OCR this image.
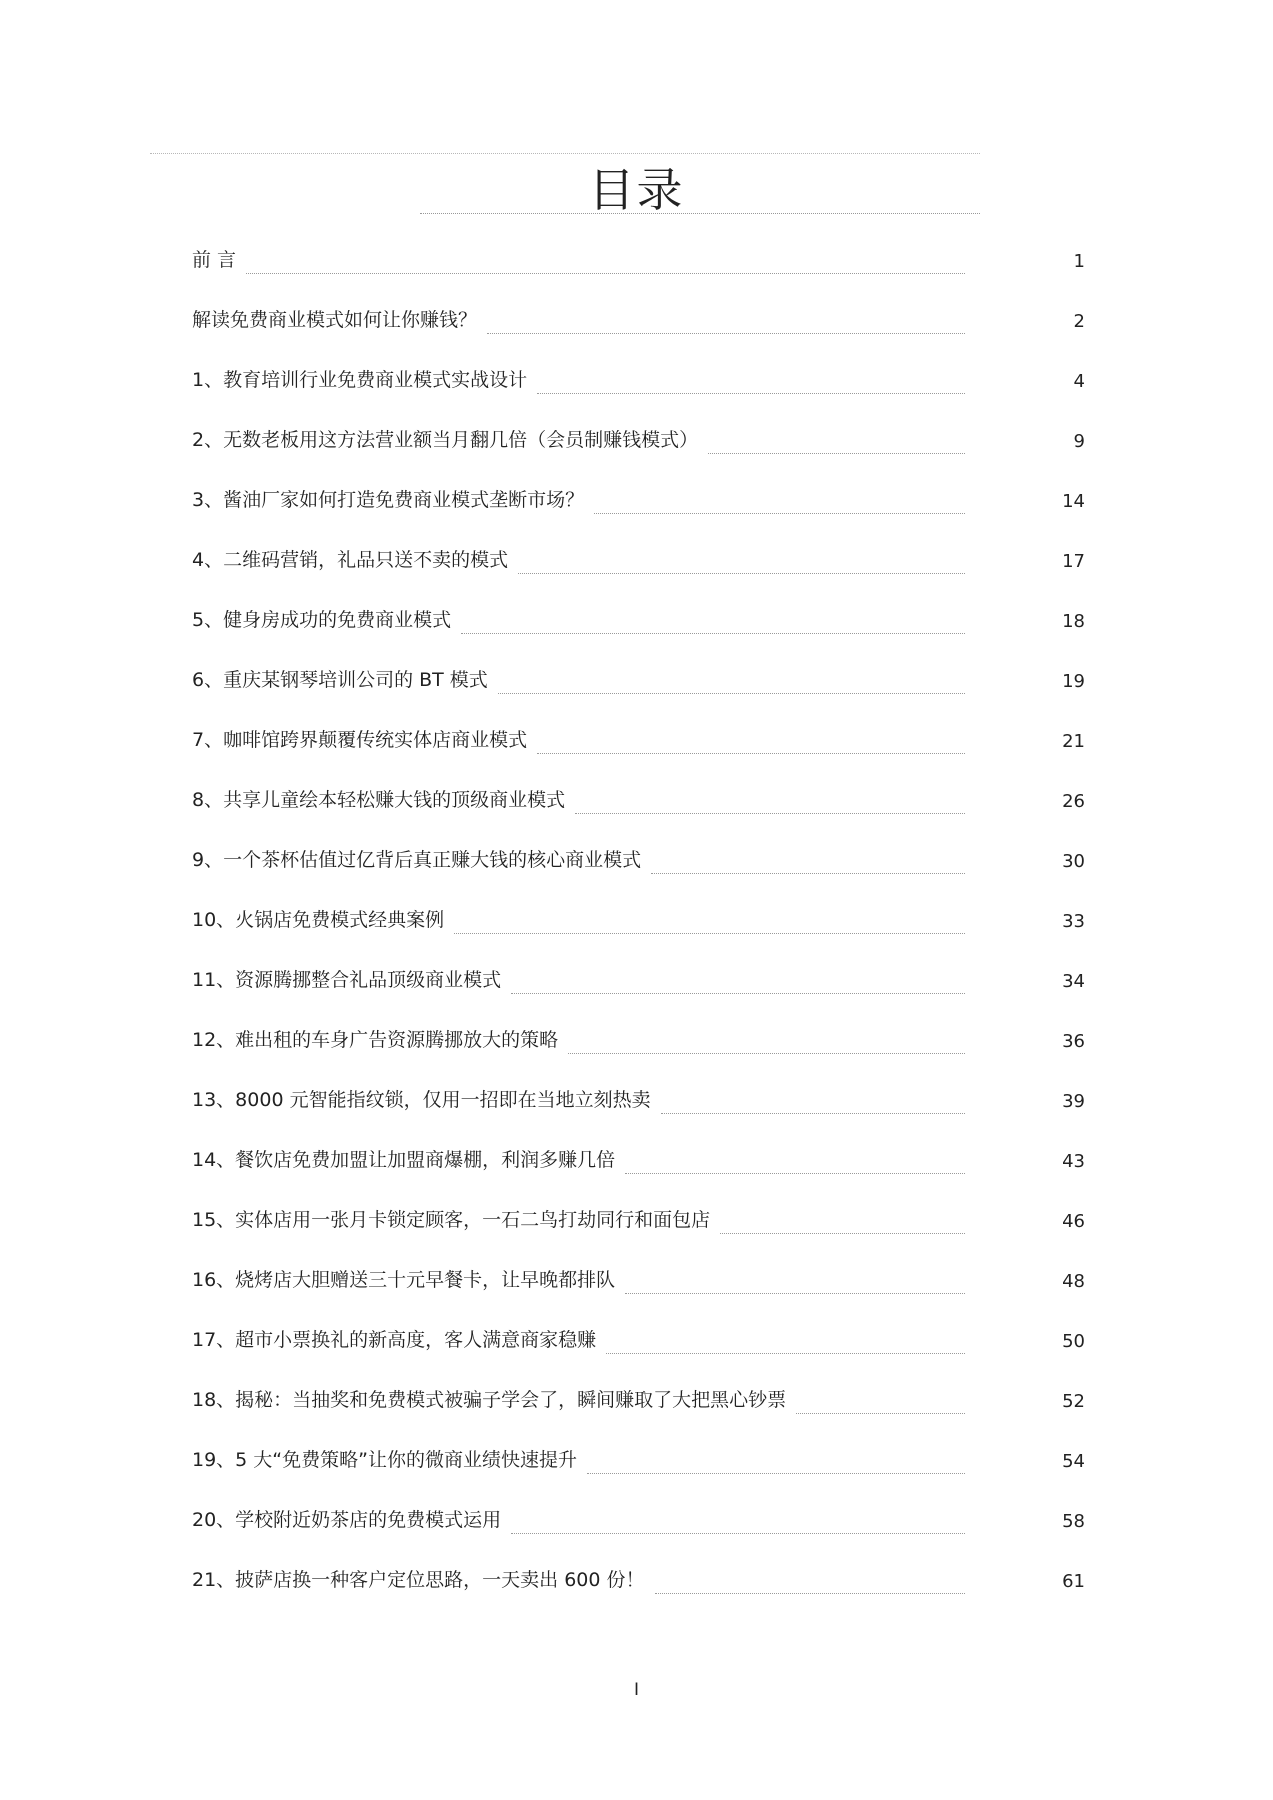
目录
前 言	1
解读免费商业模式如何让你赚钱？	2
1、教育培训行业免费商业模式实战设计	4
2、无数老板用这方法营业额当月翻几倍（会员制赚钱模式）	9
3、酱油厂家如何打造免费商业模式垄断市场？	14
4、二维码营销，礼品只送不卖的模式	17
5、健身房成功的免费商业模式	18
6、重庆某钢琴培训公司的 BT 模式	19
7、咖啡馆跨界颠覆传统实体店商业模式	21
8、共享儿童绘本轻松赚大钱的顶级商业模式	26
9、一个茶杯估值过亿背后真正赚大钱的核心商业模式	30
10、火锅店免费模式经典案例	33
11、资源腾挪整合礼品顶级商业模式	34
12、难出租的车身广告资源腾挪放大的策略	36
13、8000 元智能指纹锁，仅用一招即在当地立刻热卖	39
14、餐饮店免费加盟让加盟商爆棚，利润多赚几倍	43
15、实体店用一张月卡锁定顾客，一石二鸟打劫同行和面包店	46
16、烧烤店大胆赠送三十元早餐卡，让早晚都排队	48
17、超市小票换礼的新高度，客人满意商家稳赚	50
18、揭秘：当抽奖和免费模式被骗子学会了，瞬间赚取了大把黑心钞票	52
19、5 大“免费策略”让你的微商业绩快速提升	54
20、学校附近奶茶店的免费模式运用	58
21、披萨店换一种客户定位思路，一天卖出 600 份！	61
I
